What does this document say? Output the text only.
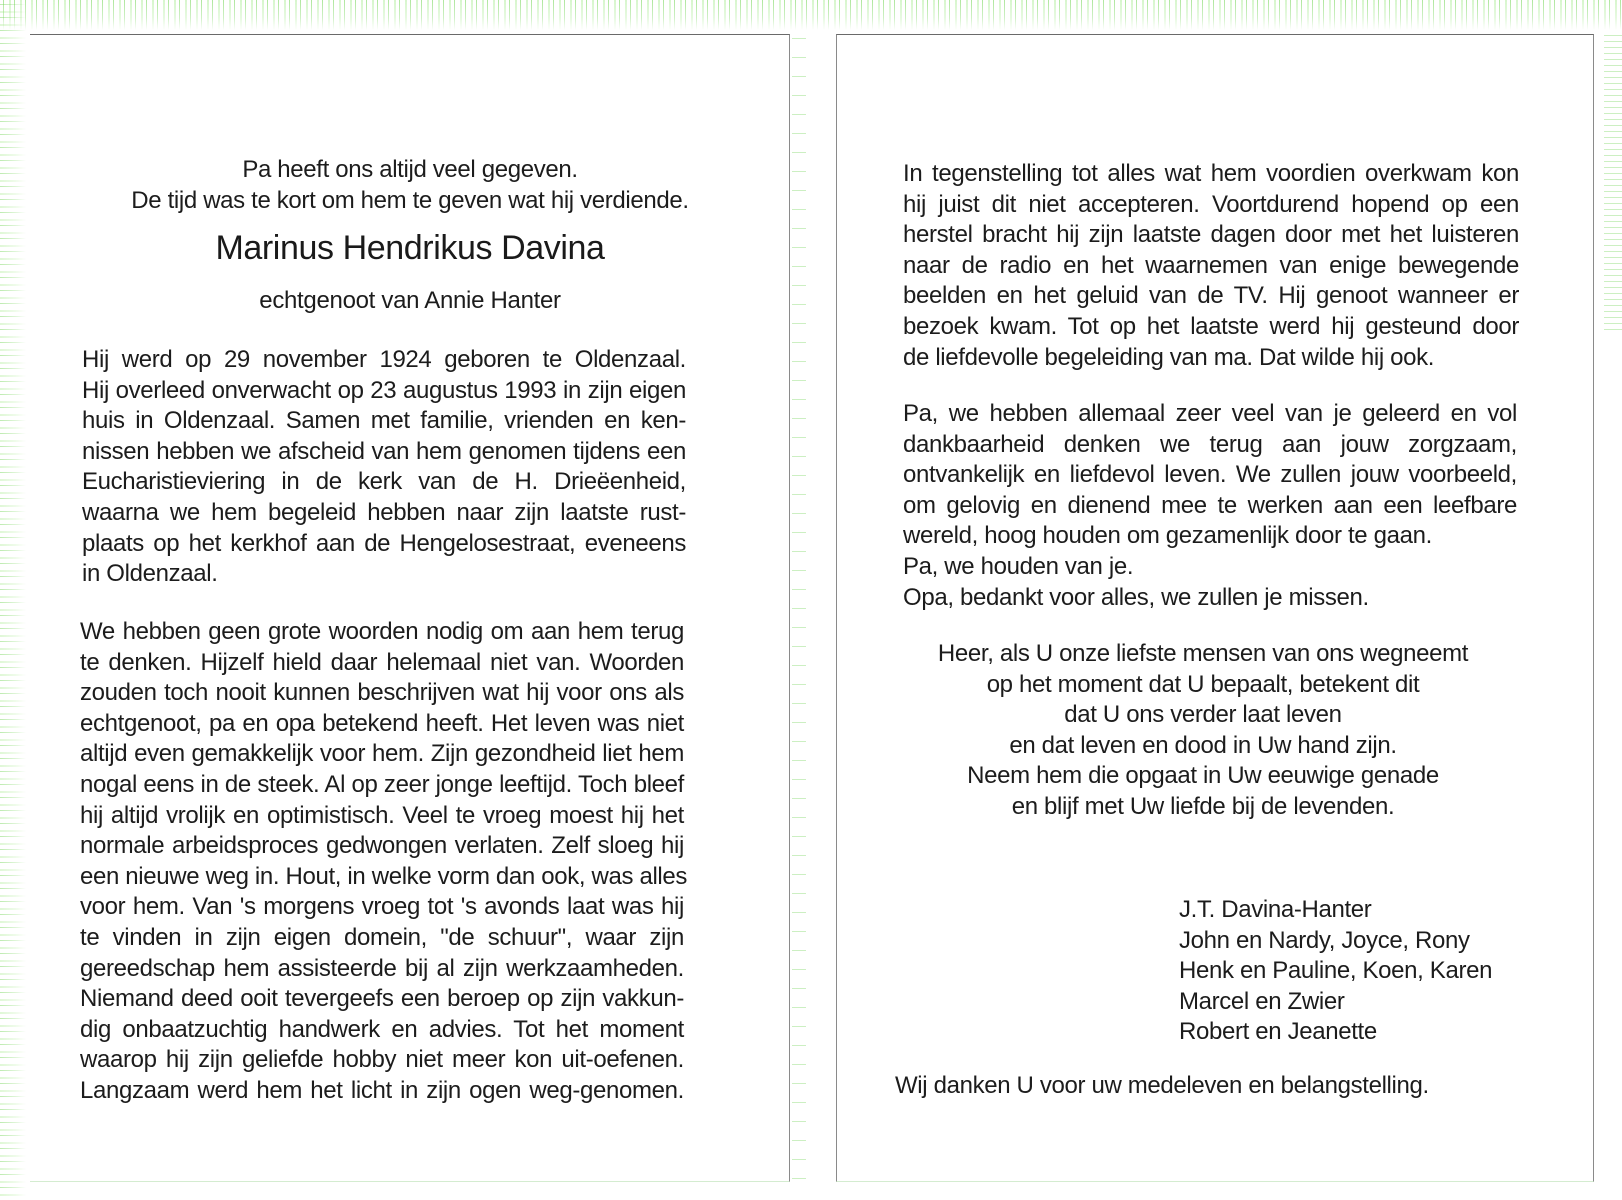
Pa heeft ons altijd veel gegeven.
De tijd was te kort om hem te geven wat hij verdiende.
Marinus Hendrikus Davina
echtgenoot van Annie Hanter
Hij werd op 29 november 1924 geboren te Oldenzaal.
Hij overleed onverwacht op 23 augustus 1993 in zijn eigen
huis in Oldenzaal. Samen met familie, vrienden en ken-
nissen hebben we afscheid van hem genomen tijdens een
Eucharistieviering in de kerk van de H. Drieëenheid,
waarna we hem begeleid hebben naar zijn laatste rust-
plaats op het kerkhof aan de Hengelosestraat, eveneens
in Oldenzaal.
We hebben geen grote woorden nodig om aan hem terug
te denken. Hijzelf hield daar helemaal niet van. Woorden
zouden toch nooit kunnen beschrijven wat hij voor ons als
echtgenoot, pa en opa betekend heeft. Het leven was niet
altijd even gemakkelijk voor hem. Zijn gezondheid liet hem
nogal eens in de steek. Al op zeer jonge leeftijd. Toch bleef
hij altijd vrolijk en optimistisch. Veel te vroeg moest hij het
normale arbeidsproces gedwongen verlaten. Zelf sloeg hij
een nieuwe weg in. Hout, in welke vorm dan ook, was alles
voor hem. Van 's morgens vroeg tot 's avonds laat was hij
te vinden in zijn eigen domein, "de schuur", waar zijn
gereedschap hem assisteerde bij al zijn werkzaamheden.
Niemand deed ooit tevergeefs een beroep op zijn vakkun-
dig onbaatzuchtig handwerk en advies. Tot het moment
waarop hij zijn geliefde hobby niet meer kon uit-oefenen.
Langzaam werd hem het licht in zijn ogen weg-genomen.
In tegenstelling tot alles wat hem voordien overkwam kon
hij juist dit niet accepteren. Voortdurend hopend op een
herstel bracht hij zijn laatste dagen door met het luisteren
naar de radio en het waarnemen van enige bewegende
beelden en het geluid van de TV. Hij genoot wanneer er
bezoek kwam. Tot op het laatste werd hij gesteund door
de liefdevolle begeleiding van ma. Dat wilde hij ook.
Pa, we hebben allemaal zeer veel van je geleerd en vol
dankbaarheid denken we terug aan jouw zorgzaam,
ontvankelijk en liefdevol leven. We zullen jouw voorbeeld,
om gelovig en dienend mee te werken aan een leefbare
wereld, hoog houden om gezamenlijk door te gaan.
Pa, we houden van je.
Opa, bedankt voor alles, we zullen je missen.
Heer, als U onze liefste mensen van ons wegneemt
op het moment dat U bepaalt, betekent dit
dat U ons verder laat leven
en dat leven en dood in Uw hand zijn.
Neem hem die opgaat in Uw eeuwige genade
en blijf met Uw liefde bij de levenden.
J.T. Davina-Hanter
John en Nardy, Joyce, Rony
Henk en Pauline, Koen, Karen
Marcel en Zwier
Robert en Jeanette
Wij danken U voor uw medeleven en belangstelling.
